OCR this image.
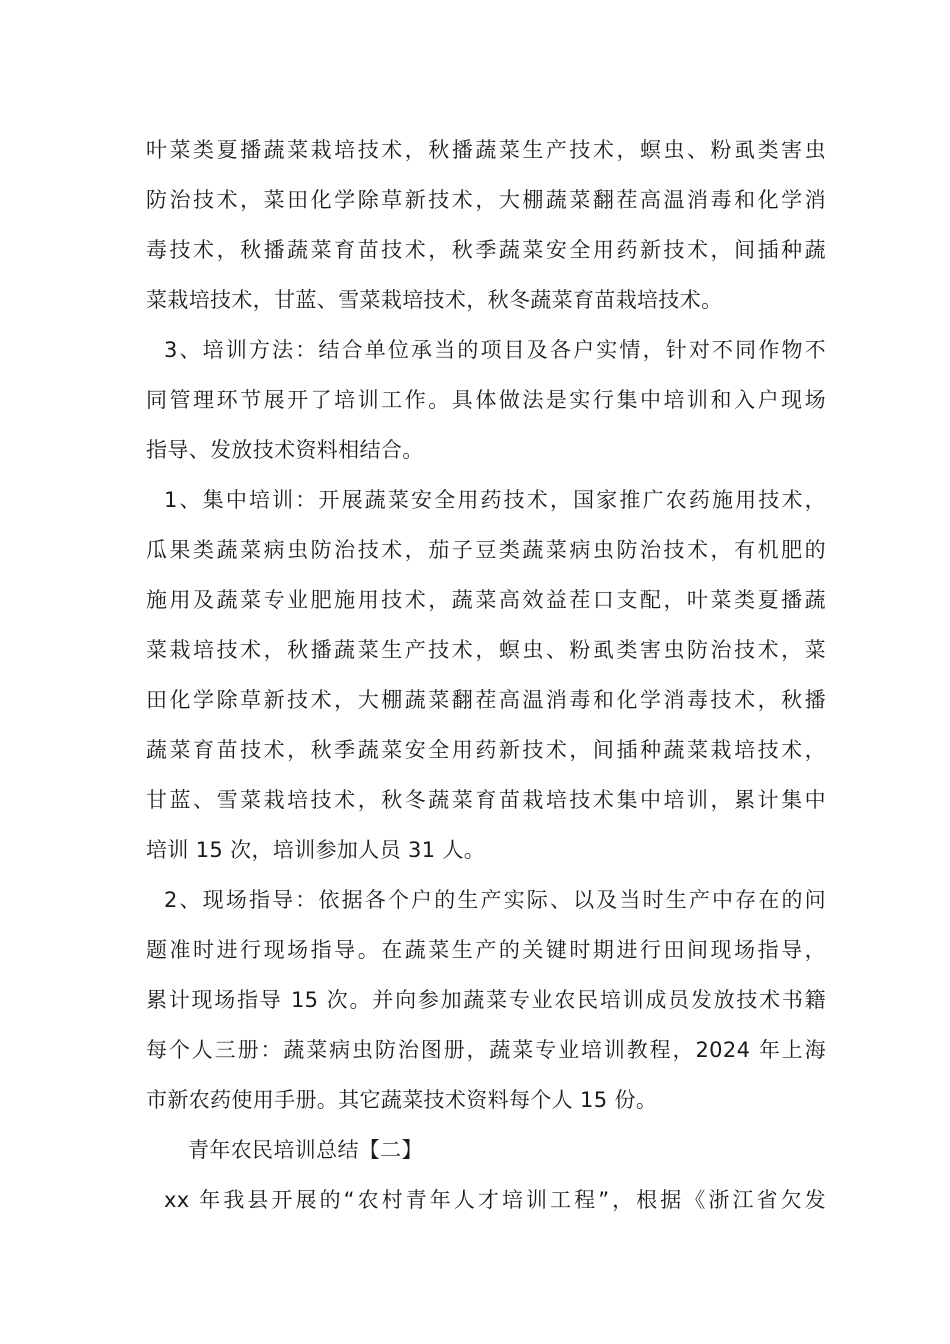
叶菜类夏播蔬菜栽培技术，秋播蔬菜生产技术，螟虫、粉虱类害虫
防治技术，菜田化学除草新技术，大棚蔬菜翻茬高温消毒和化学消
毒技术，秋播蔬菜育苗技术，秋季蔬菜安全用药新技术，间插种蔬
菜栽培技术，甘蓝、雪菜栽培技术，秋冬蔬菜育苗栽培技术。
3、培训方法：结合单位承当的项目及各户实情，针对不同作物不
同管理环节展开了培训工作。具体做法是实行集中培训和入户现场
指导、发放技术资料相结合。
1、集中培训：开展蔬菜安全用药技术，国家推广农药施用技术，
瓜果类蔬菜病虫防治技术，茄子豆类蔬菜病虫防治技术，有机肥的
施用及蔬菜专业肥施用技术，蔬菜高效益茬口支配，叶菜类夏播蔬
菜栽培技术，秋播蔬菜生产技术，螟虫、粉虱类害虫防治技术，菜
田化学除草新技术，大棚蔬菜翻茬高温消毒和化学消毒技术，秋播
蔬菜育苗技术，秋季蔬菜安全用药新技术，间插种蔬菜栽培技术，
甘蓝、雪菜栽培技术，秋冬蔬菜育苗栽培技术集中培训，累计集中
培训 15 次，培训参加人员 31 人。
2、现场指导：依据各个户的生产实际、以及当时生产中存在的问
题准时进行现场指导。在蔬菜生产的关键时期进行田间现场指导，
累计现场指导 15 次。并向参加蔬菜专业农民培训成员发放技术书籍
每个人三册：蔬菜病虫防治图册，蔬菜专业培训教程，2024 年上海
市新农药使用手册。其它蔬菜技术资料每个人 15 份。
青年农民培训总结【二】
xx 年我县开展的“农村青年人才培训工程”，根据《浙江省欠发
